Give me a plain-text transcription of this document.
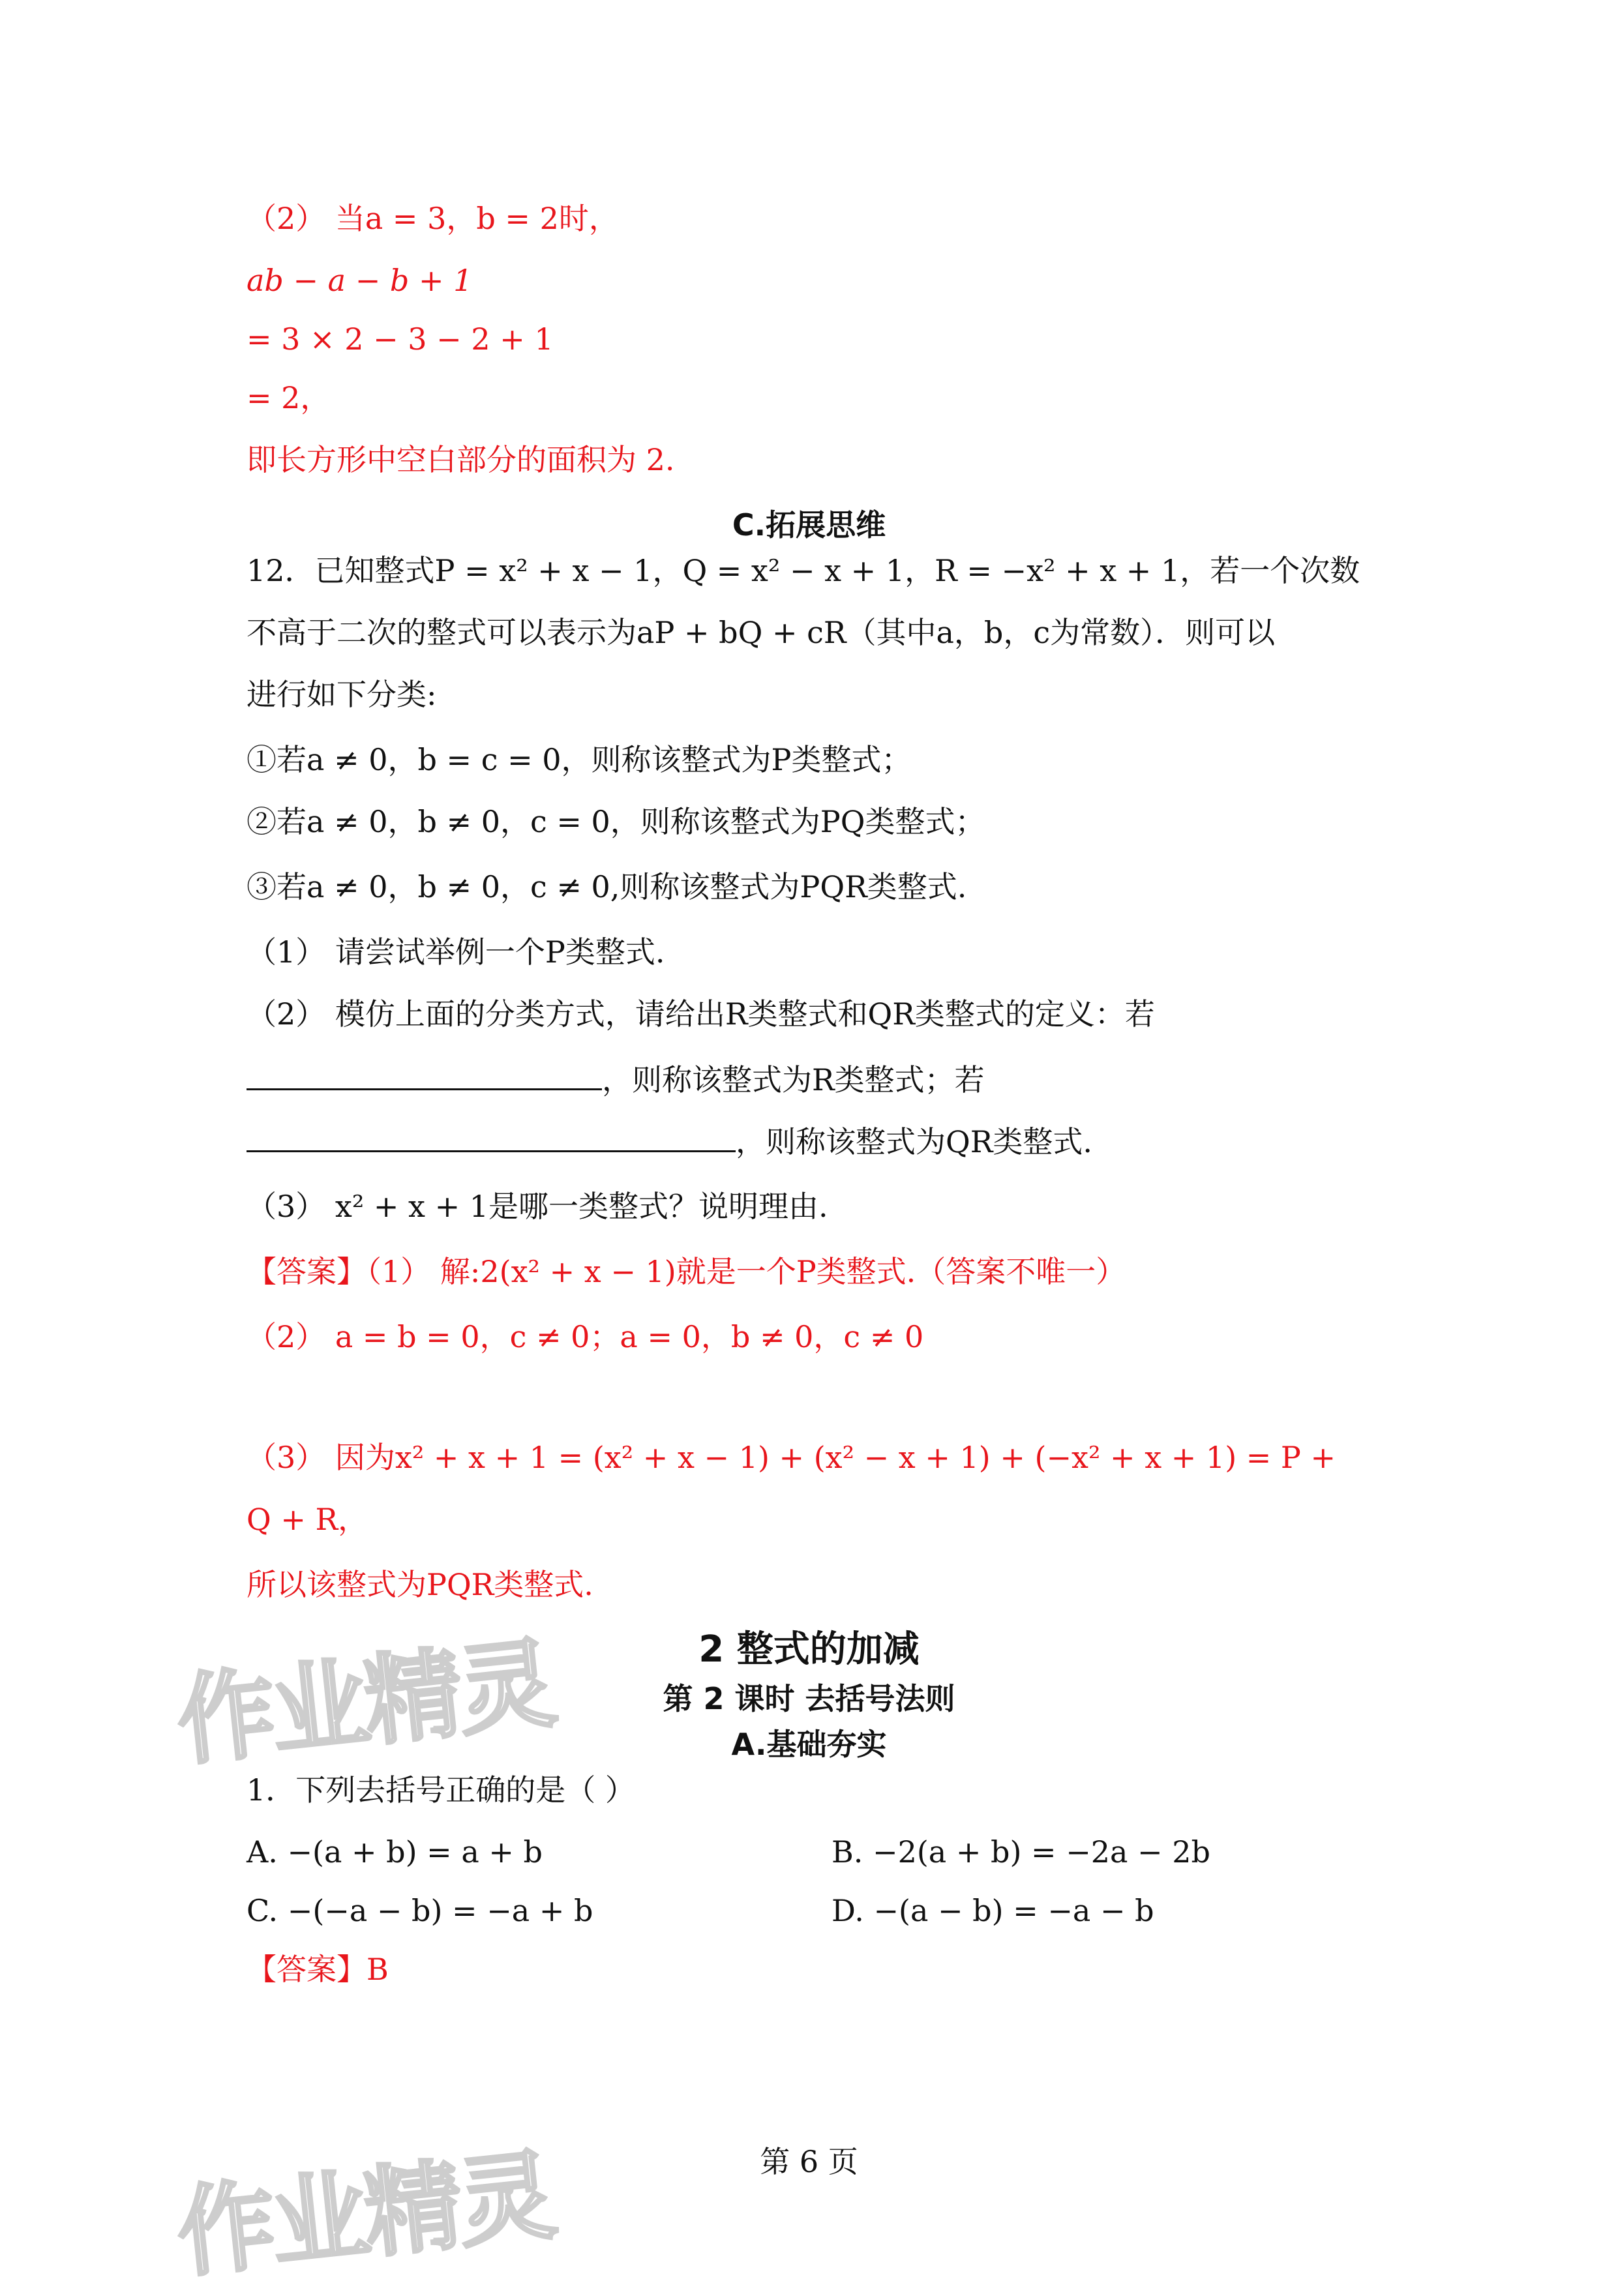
（2） 当a = 3，b = 2时，
ab − a − b + 1
= 3 × 2 − 3 − 2 + 1
= 2，
即长方形中空白部分的面积为 2.
C.拓展思维
12．已知整式P = x² + x − 1，Q = x² − x + 1，R = −x² + x + 1，若一个次数
不高于二次的整式可以表示为aP + bQ + cR（其中a，b，c为常数）．则可以
进行如下分类:
①若a ≠ 0，b = c = 0，则称该整式为P类整式；
②若a ≠ 0，b ≠ 0，c = 0，则称该整式为PQ类整式；
③若a ≠ 0，b ≠ 0，c ≠ 0,则称该整式为PQR类整式.
（1） 请尝试举例一个P类整式.
（2） 模仿上面的分类方式，请给出R类整式和QR类整式的定义：若
，则称该整式为R类整式；若
，则称该整式为QR类整式.
（3） x² + x + 1是哪一类整式？说明理由.
【答案】（1） 解:2(x² + x − 1)就是一个P类整式.（答案不唯一）
（2） a = b = 0，c ≠ 0；a = 0，b ≠ 0，c ≠ 0
（3） 因为x² + x + 1 = (x² + x − 1) + (x² − x + 1) + (−x² + x + 1) = P +
Q + R，
所以该整式为PQR类整式.
作业精灵	2 整式的加减
第 2 课时 去括号法则
A.基础夯实
1．下列去括号正确的是（ ）
A. −(a + b) = a + b	B. −2(a + b) = −2a − 2b
C. −(−a − b) = −a + b	D. −(a − b) = −a − b
【答案】B
第 6 页
作业精灵
